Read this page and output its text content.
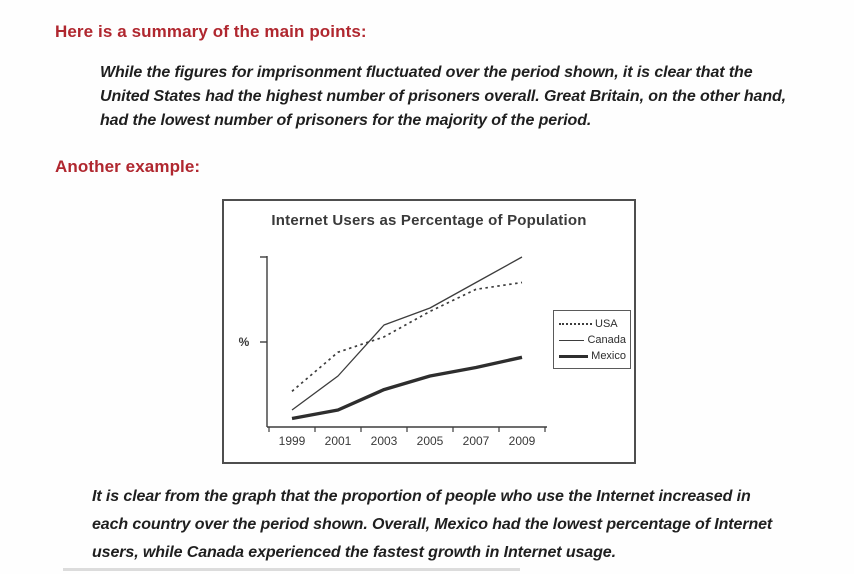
Here is a summary of the main points:

While the figures for imprisonment fluctuated over the period shown, it is clear that the United States had the highest number of prisoners overall. Great Britain, on the other hand, had the lowest number of prisoners for the majority of the period.

Another example:
%
1999 2001 2003 2005 2007 2009
Internet Users as Percentage of Population
USA
Canada
Mexico

It is clear from the graph that the proportion of people who use the Internet increased in each country over the period shown. Overall, Mexico had the lowest percentage of Internet users, while Canada experienced the fastest growth in Internet usage.
